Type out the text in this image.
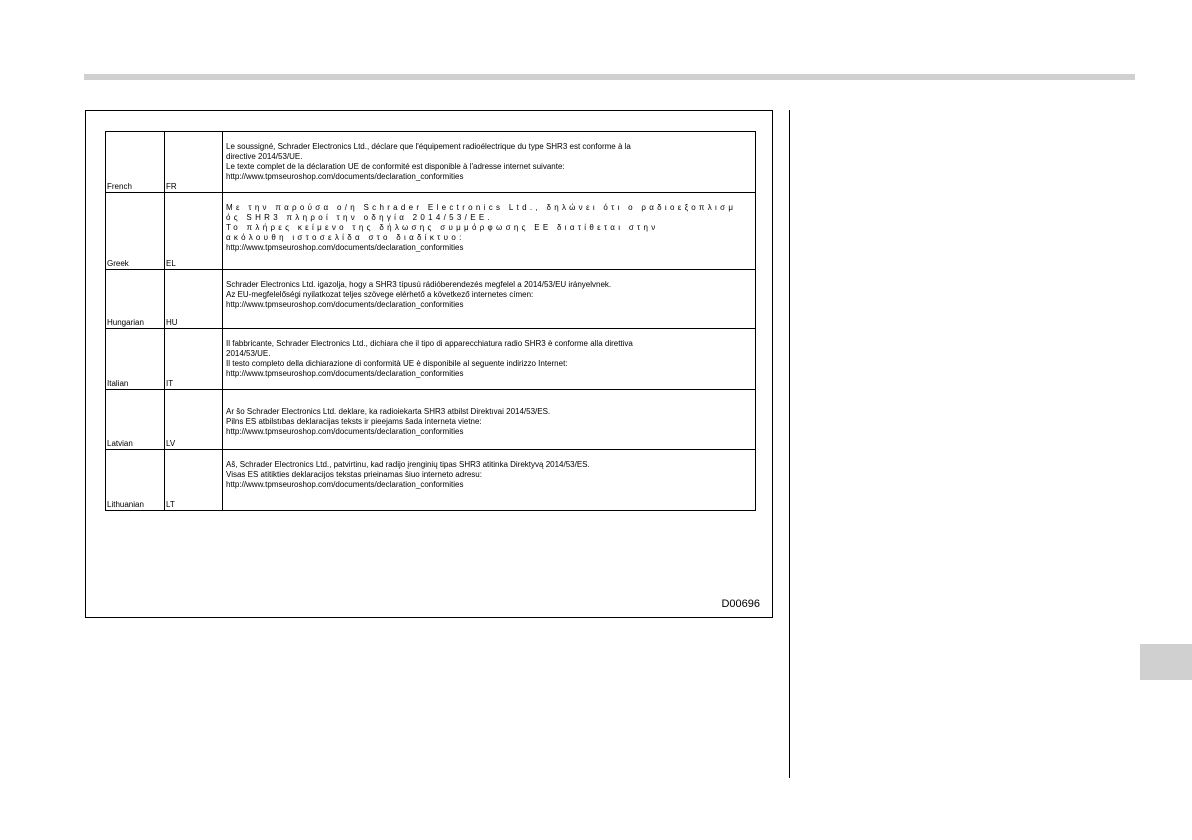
French	FR	Le soussigné, Schrader Electronics Ltd., déclare que l'équipement radioélectrique du type SHR3 est conforme à la
directive 2014/53/UE.
Le texte complet de la déclaration UE de conformité est disponible à l'adresse internet suivante:
http://www.tpmseuroshop.com/documents/declaration_conformities

Greek	EL	Με την παρούσα ο/η Schrader Electronics Ltd., δηλώνει ότι ο ραδιοεξοπλισμ
ός SHR3 πληροί την οδηγία 2014/53/ΕΕ.
Το πλήρες κείμενο της δήλωσης συμμόρφωσης ΕΕ διατίθεται στην
ακόλουθη ιστοσελίδα στο διαδίκτυο:
http://www.tpmseuroshop.com/documents/declaration_conformities

Hungarian	HU	Schrader Electronics Ltd. igazolja, hogy a SHR3 típusú rádióberendezés megfelel a 2014/53/EU irányelvnek.
Az EU-megfelelőségi nyilatkozat teljes szövege elérhető a következő internetes címen:
http://www.tpmseuroshop.com/documents/declaration_conformities

Italian	IT	Il fabbricante, Schrader Electronics Ltd., dichiara che il tipo di apparecchiatura radio SHR3 è conforme alla direttiva
2014/53/UE.
Il testo completo della dichiarazione di conformità UE è disponibile al seguente indirizzo Internet:
http://www.tpmseuroshop.com/documents/declaration_conformities

Latvian	LV	Ar šo Schrader Electronics Ltd. deklare, ka radioiekarta SHR3 atbilst Direktıvai 2014/53/ES.
Pilns ES atbilstıbas deklaracijas teksts ir pieejams šada interneta vietne:
http://www.tpmseuroshop.com/documents/declaration_conformities

Lithuanian	LT	Aš, Schrader Electronics Ltd., patvirtinu, kad radijo įrenginių tipas SHR3 atitinka Direktyvą 2014/53/ES.
Visas ES atitikties deklaracijos tekstas prieinamas šiuo interneto adresu:
http://www.tpmseuroshop.com/documents/declaration_conformities
D00696
